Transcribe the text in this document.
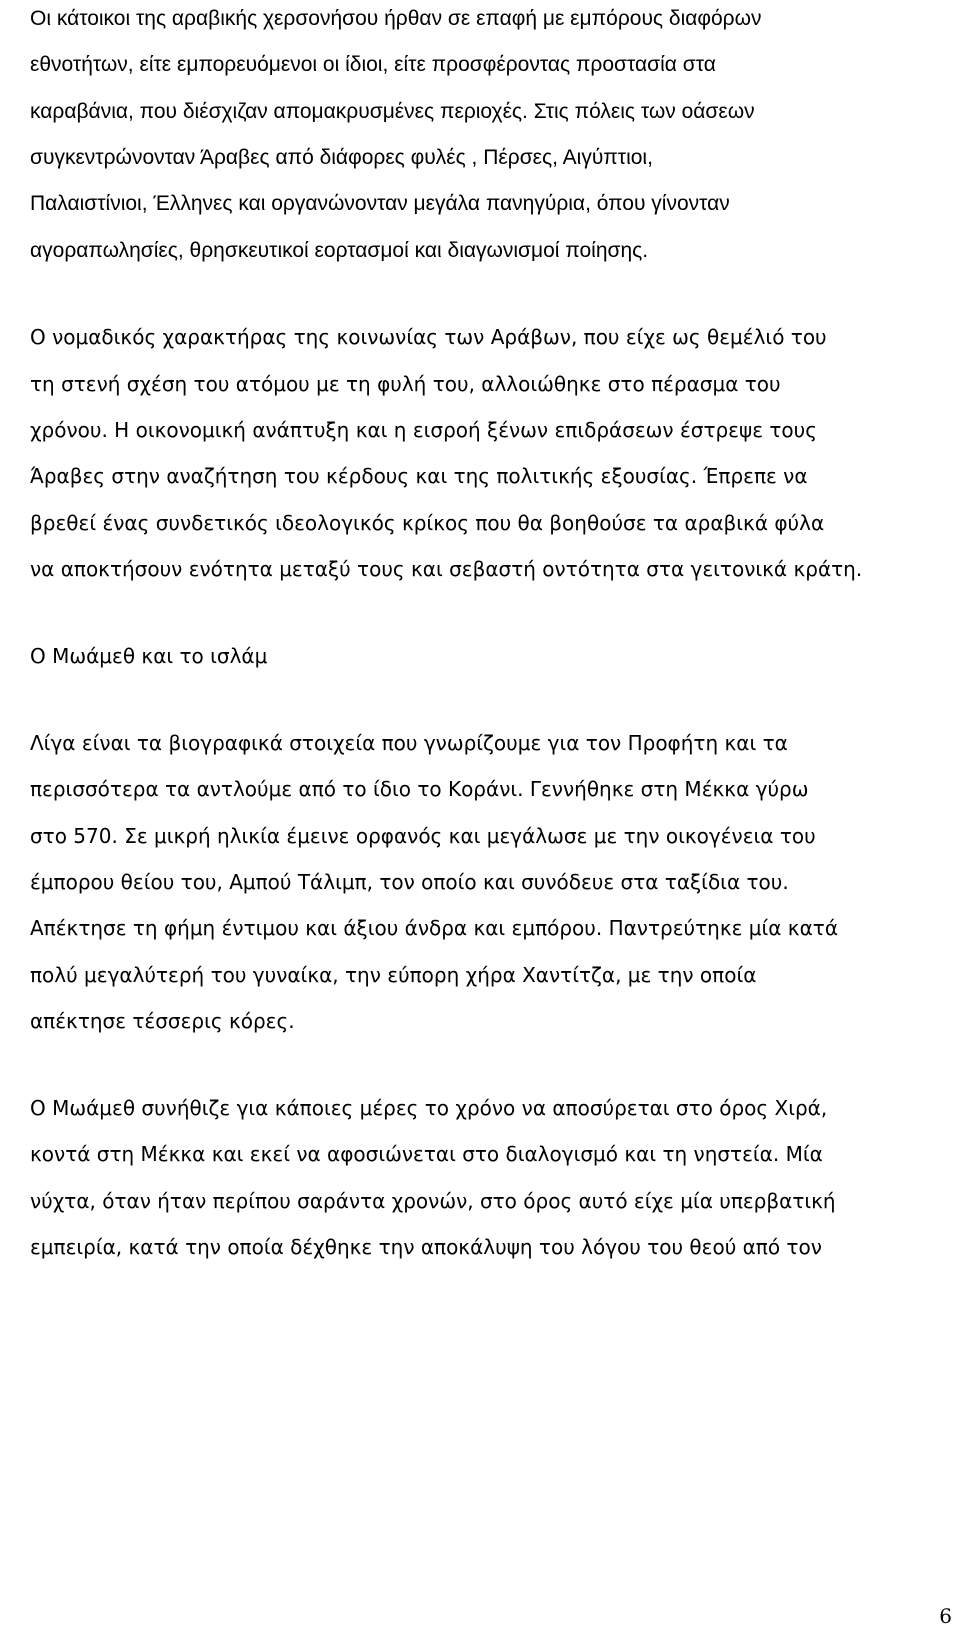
Οι κάτοικοι της αραβικής χερσονήσου ήρθαν σε επαφή με εμπόρους διαφόρων
εθνοτήτων, είτε εμπορευόμενοι οι ίδιοι, είτε προσφέροντας προστασία στα
καραβάνια, που διέσχιζαν απομακρυσμένες περιοχές. Στις πόλεις των οάσεων
συγκεντρώνονταν Άραβες από διάφορες φυλές , Πέρσες, Αιγύπτιοι,
Παλαιστίνιοι, Έλληνες και οργανώνονταν μεγάλα πανηγύρια, όπου γίνονταν
αγοραπωλησίες, θρησκευτικοί εορτασμοί και διαγωνισμοί ποίησης.
Ο νομαδικός χαρακτήρας της κοινωνίας των Αράβων, που είχε ως θεμέλιό του
τη στενή σχέση του ατόμου με τη φυλή του, αλλοιώθηκε στο πέρασμα του
χρόνου. Η οικονομική ανάπτυξη και η εισροή ξένων επιδράσεων έστρεψε τους
Άραβες στην αναζήτηση του κέρδους και της πολιτικής εξουσίας. Έπρεπε να
βρεθεί ένας συνδετικός ιδεολογικός κρίκος που θα βοηθούσε τα αραβικά φύλα
να αποκτήσουν ενότητα μεταξύ τους και σεβαστή οντότητα στα γειτονικά κράτη.
Ο Μωάμεθ και το ισλάμ
Λίγα είναι τα βιογραφικά στοιχεία που γνωρίζουμε για τον Προφήτη και τα
περισσότερα τα αντλούμε από το ίδιο το Κοράνι. Γεννήθηκε στη Μέκκα γύρω
στο 570. Σε μικρή ηλικία έμεινε ορφανός και μεγάλωσε με την οικογένεια του
έμπορου θείου του, Αμπού Τάλιμπ, τον οποίο και συνόδευε στα ταξίδια του.
Απέκτησε τη φήμη έντιμου και άξιου άνδρα και εμπόρου. Παντρεύτηκε μία κατά
πολύ μεγαλύτερή του γυναίκα, την εύπορη χήρα Χαντίτζα, με την οποία
απέκτησε τέσσερις κόρες.
Ο Μωάμεθ συνήθιζε για κάποιες μέρες το χρόνο να αποσύρεται στο όρος Χιρά,
κοντά στη Μέκκα και εκεί να αφοσιώνεται στο διαλογισμό και τη νηστεία. Μία
νύχτα, όταν ήταν περίπου σαράντα χρονών, στο όρος αυτό είχε μία υπερβατική
εμπειρία, κατά την οποία δέχθηκε την αποκάλυψη του λόγου του θεού από τον
6
